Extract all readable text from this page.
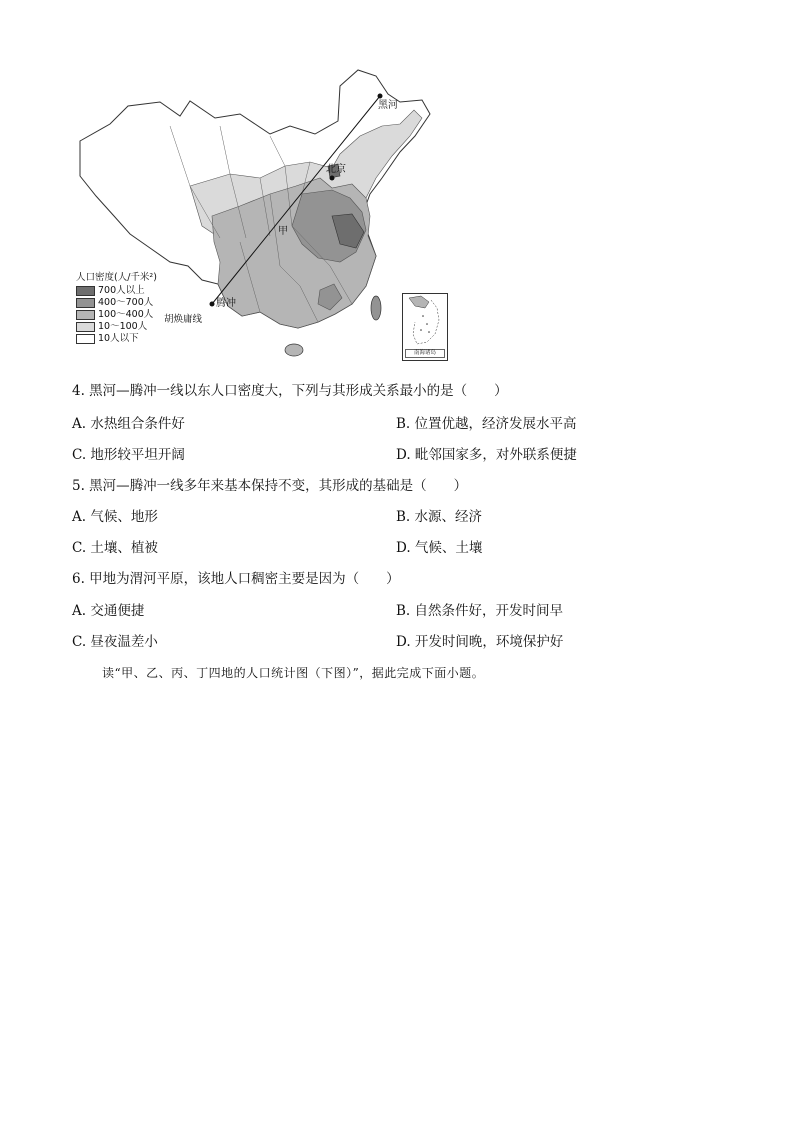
黑河
北京
甲
腾冲
人口密度(人/千米²)
700人以上
400～700人
100～400人
10～100人
10人以下
胡焕庸线
南海诸岛
4. 黑河—腾冲一线以东人口密度大，下列与其形成关系最小的是（　　）
A. 水热组合条件好	B. 位置优越，经济发展水平高
C. 地形较平坦开阔	D. 毗邻国家多，对外联系便捷
5. 黑河—腾冲一线多年来基本保持不变，其形成的基础是（　　）
A. 气候、地形	B. 水源、经济
C. 土壤、植被	D. 气候、土壤
6. 甲地为渭河平原，该地人口稠密主要是因为（　　）
A. 交通便捷	B. 自然条件好，开发时间早
C. 昼夜温差小	D. 开发时间晚，环境保护好
读“甲、乙、丙、丁四地的人口统计图（下图）”，据此完成下面小题。
